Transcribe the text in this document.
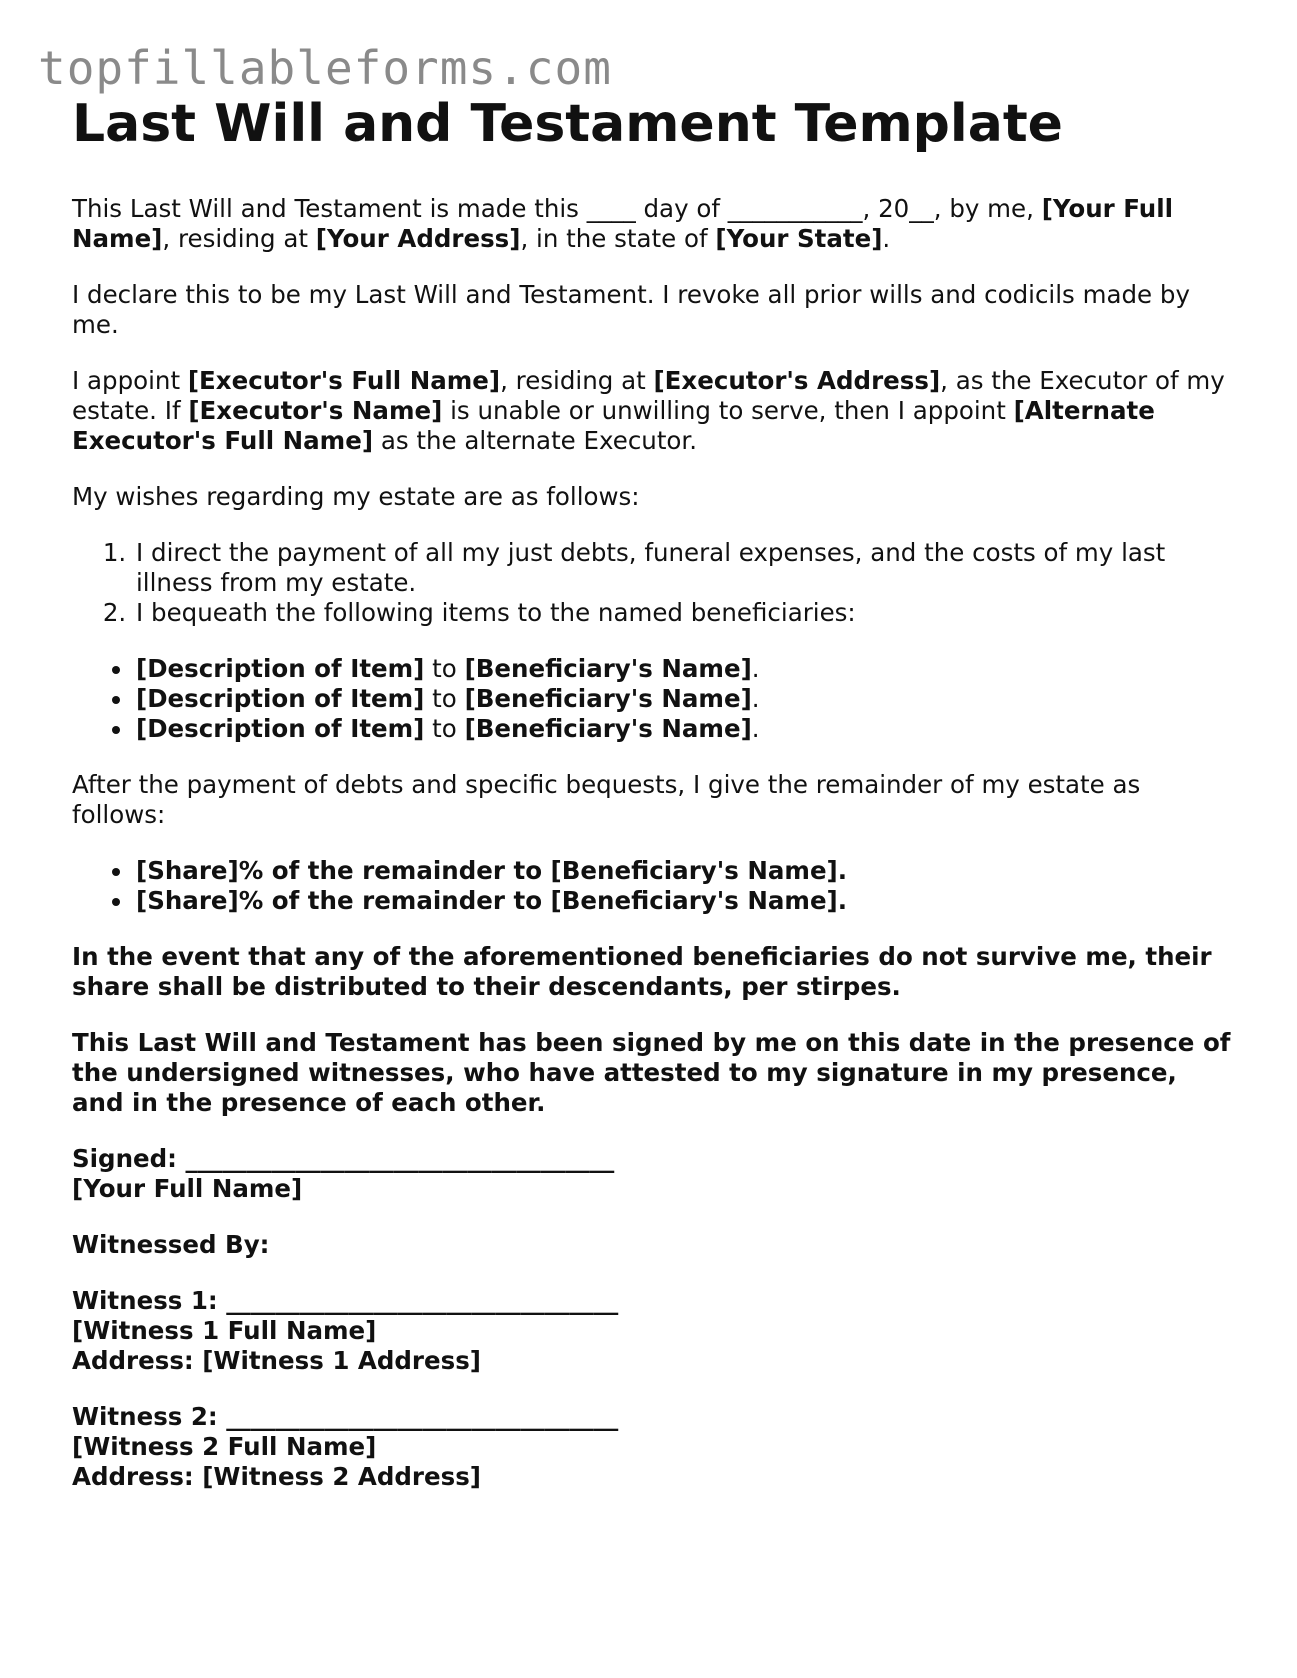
topfillableforms.com
Last Will and Testament Template

This Last Will and Testament is made this ____ day of ___________, 20__, by me, [Your Full Name], residing at [Your Address], in the state of [Your State].

I declare this to be my Last Will and Testament. I revoke all prior wills and codicils made by me.

I appoint [Executor's Full Name], residing at [Executor's Address], as the Executor of my estate. If [Executor's Name] is unable or unwilling to serve, then I appoint [Alternate Executor's Full Name] as the alternate Executor.

My wishes regarding my estate are as follows:

1. I direct the payment of all my just debts, funeral expenses, and the costs of my last illness from my estate.
2. I bequeath the following items to the named beneficiaries:
• [Description of Item] to [Beneficiary's Name].
• [Description of Item] to [Beneficiary's Name].
• [Description of Item] to [Beneficiary's Name].

After the payment of debts and specific bequests, I give the remainder of my estate as follows:

• [Share]% of the remainder to [Beneficiary's Name].
• [Share]% of the remainder to [Beneficiary's Name].

In the event that any of the aforementioned beneficiaries do not survive me, their share shall be distributed to their descendants, per stirpes.

This Last Will and Testament has been signed by me on this date in the presence of the undersigned witnesses, who have attested to my signature in my presence, and in the presence of each other.

Signed: ___________________________________
[Your Full Name]
Witnessed By:
Witness 1: ________________________________
[Witness 1 Full Name]
Address: [Witness 1 Address]
Witness 2: ________________________________
[Witness 2 Full Name]
Address: [Witness 2 Address]
